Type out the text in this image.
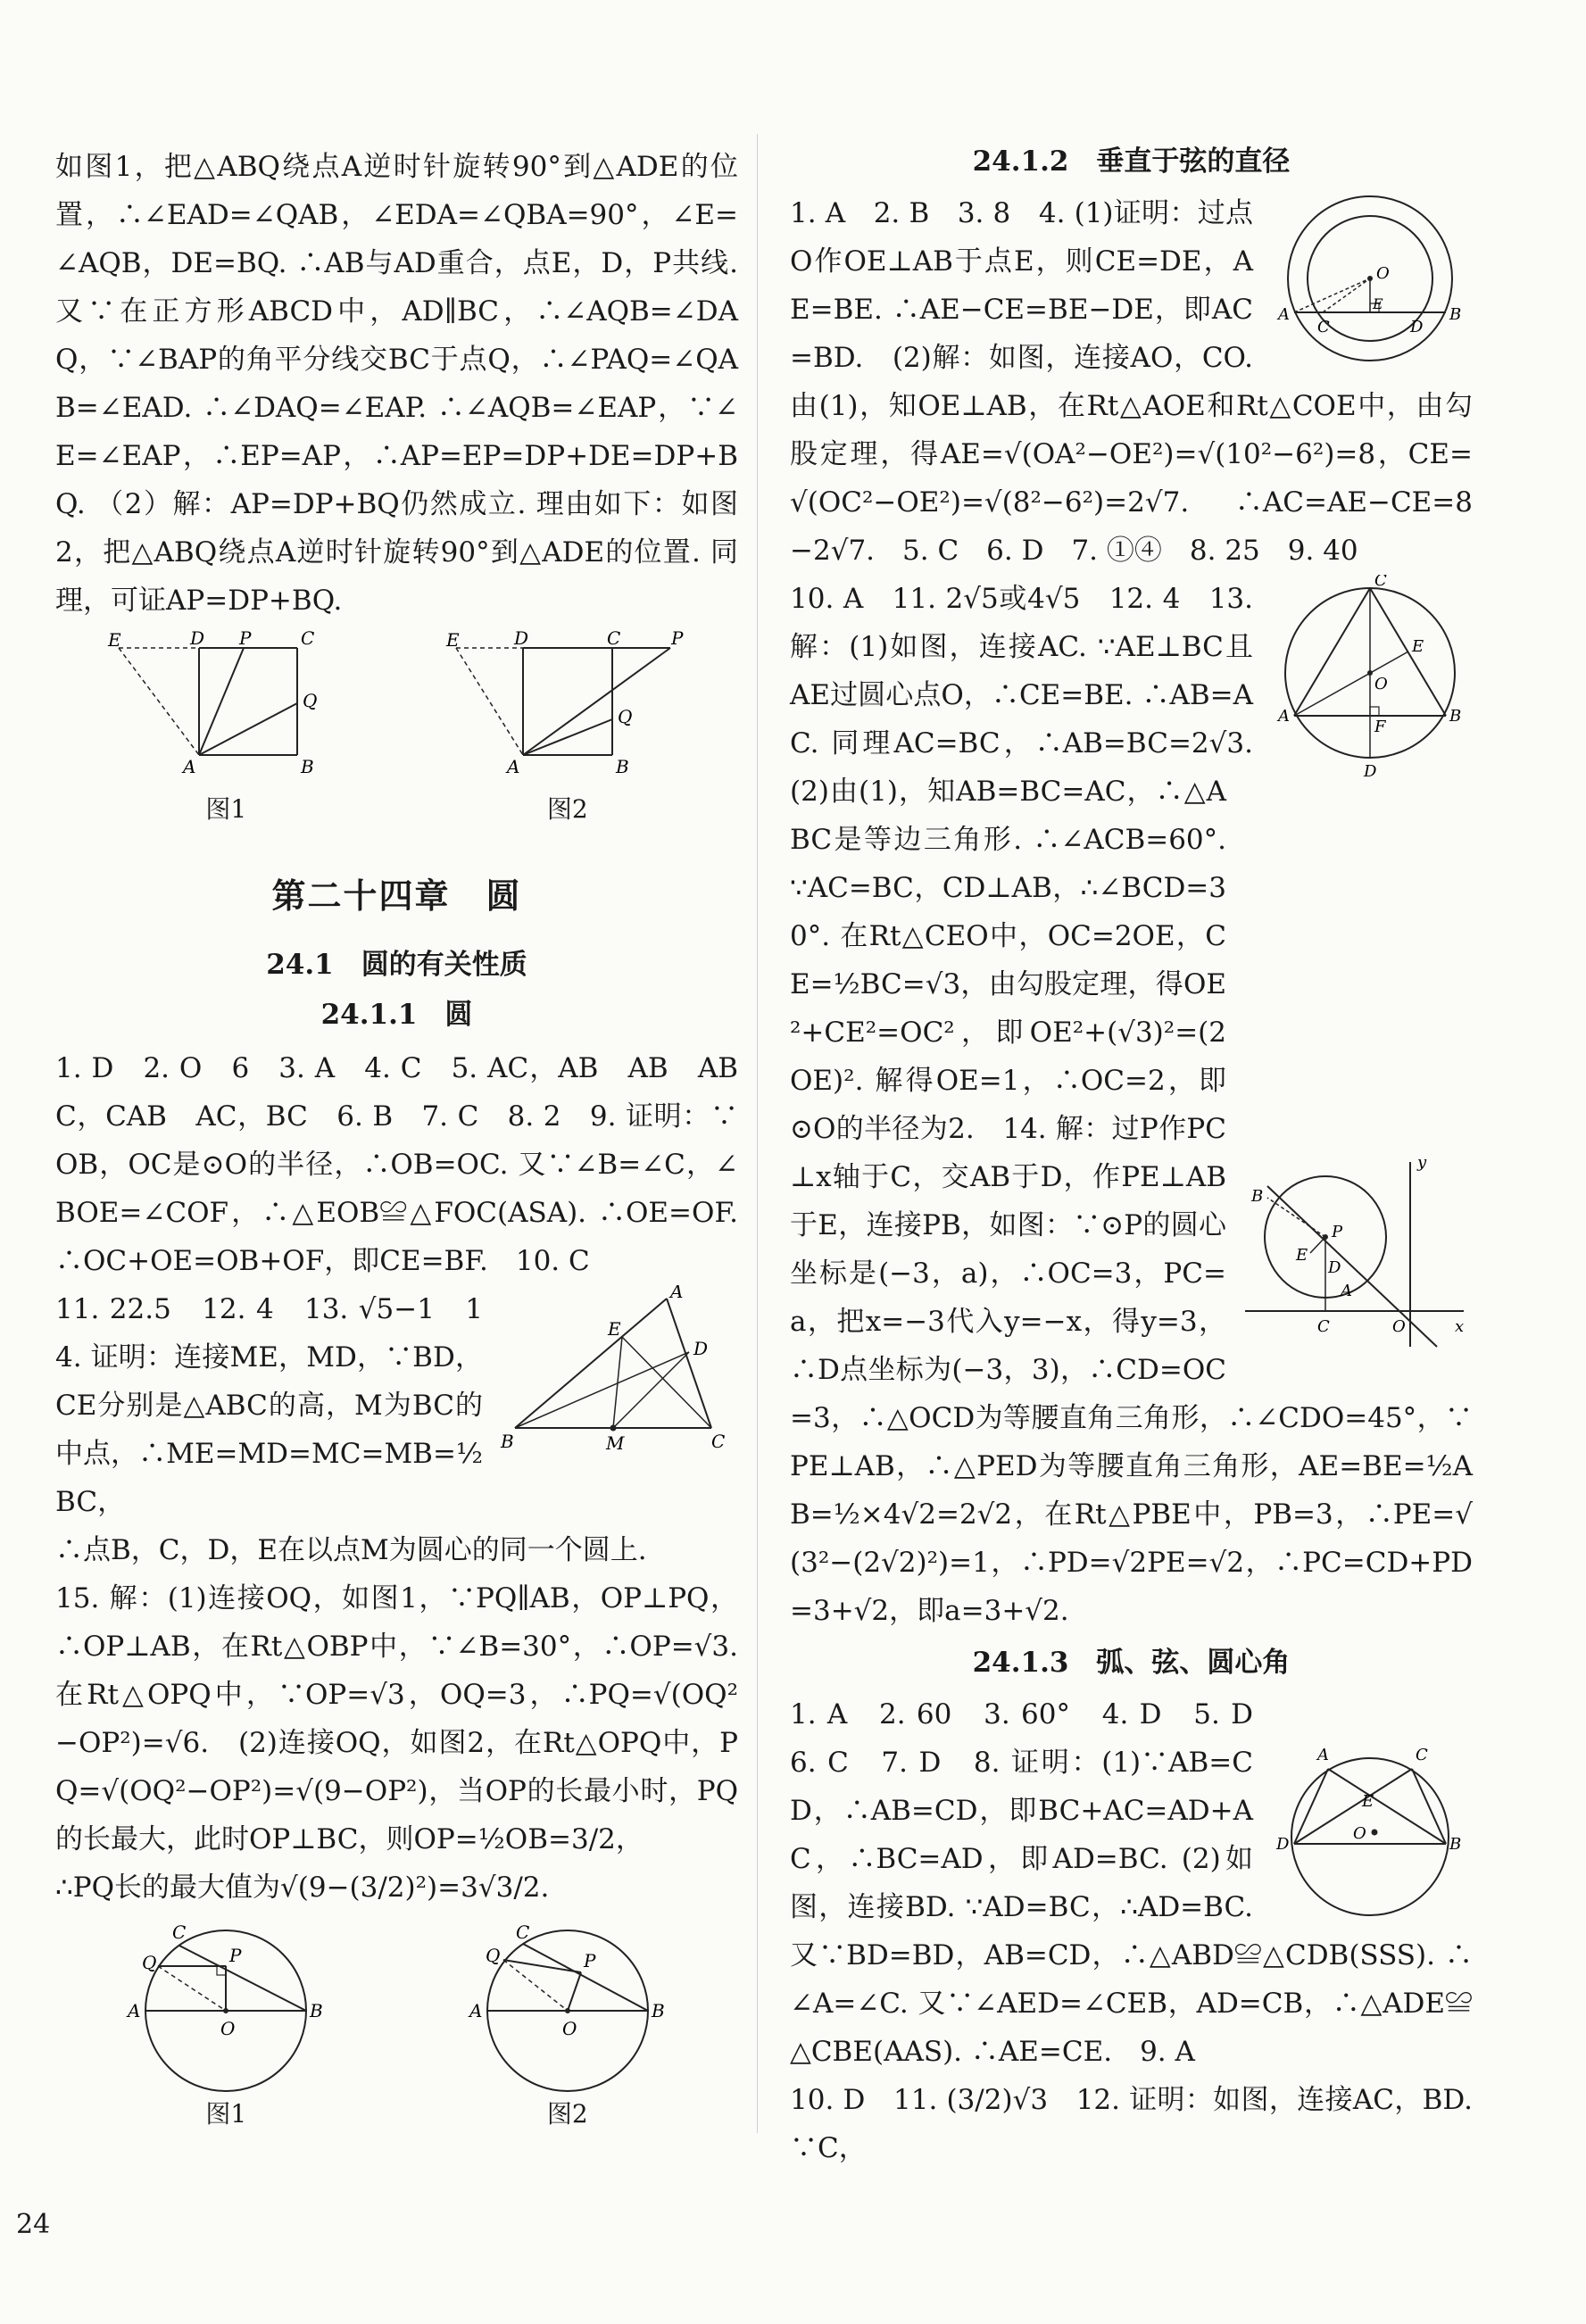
如图1，把△ABQ绕点A逆时针旋转90°到△ADE的位置，∴∠EAD=∠QAB，∠EDA=∠QBA=90°，∠E=∠AQB，DE=BQ. ∴AB与AD重合，点E，D，P共线. 又∵在正方形ABCD中，AD∥BC，∴∠AQB=∠DAQ，∵∠BAP的角平分线交BC于点Q，∴∠PAQ=∠QAB=∠EAD. ∴∠DAQ=∠EAP. ∴∠AQB=∠EAP，∵∠E=∠EAP，∴EP=AP，∴AP=EP=DP+DE=DP+BQ. （2）解：AP=DP+BQ仍然成立. 理由如下：如图2，把△ABQ绕点A逆时针旋转90°到△ADE的位置. 同理，可证AP=DP+BQ.

E	D P	C
Q
A	B
图1
E	D	C	P
Q
A	B
图2

第二十四章　圆

24.1　圆的有关性质

24.1.1　圆

1. D　2. O　6　3. A　4. C　5. AC，AB　AB　ABC，CAB　AC，BC　6. B　7. C　8. 2　9. 证明：∵OB，OC是⊙O的半径，∴OB=OC. 又∵∠B=∠C，∠BOE=∠COF，∴△EOB≌△FOC(ASA). ∴OE=OF. ∴OC+OE=OB+OF，即CE=BF.　10. C

A
E
D
B	M	C

11. 22.5　12. 4　13. √5−1　14. 证明：连接ME，MD，∵BD，CE分别是△ABC的高，M为BC的中点，∴ME=MD=MC=MB=½BC，

∴点B，C，D，E在以点M为圆心的同一个圆上.

15. 解：(1)连接OQ，如图1，∵PQ∥AB，OP⊥PQ，∴OP⊥AB，在Rt△OBP中，∵∠B=30°，∴OP=√3. 在Rt△OPQ中，∵OP=√3，OQ=3，∴PQ=√(OQ²−OP²)=√6.　(2)连接OQ，如图2，在Rt△OPQ中，PQ=√(OQ²−OP²)=√(9−OP²)，当OP的长最小时，PQ的长最大，此时OP⊥BC，则OP=½OB=3/2，

∴PQ长的最大值为√(9−(3/2)²)=3√3/2.

C
Q	P
A	B
O
图1
C
Q	P
A	B
O
图2

24.1.2　垂直于弦的直径

O
A
C
E
D
B

1. A　2. B　3. 8　4. (1)证明：过点O作OE⊥AB于点E，则CE=DE，AE=BE. ∴AE−CE=BE−DE，即AC=BD.　(2)解：如图，连接AO，CO. 由(1)，知OE⊥AB，在Rt△AOE和Rt△COE中，由勾股定理，得AE=√(OA²−OE²)=√(10²−6²)=8，CE=√(OC²−OE²)=√(8²−6²)=2√7. ∴AC=AE−CE=8−2√7.　5. C　6. D　7. ①④　8. 25　9. 40

C
E
O
A
F
B
D
y
x
B
P
E
D
A
C	O

10. A　11. 2√5或4√5　12. 4　13. 解：(1)如图，连接AC. ∵AE⊥BC且AE过圆心点O，∴CE=BE. ∴AB=AC. 同理AC=BC，∴AB=BC=2√3.　(2)由(1)，知AB=BC=AC，∴△ABC是等边三角形. ∴∠ACB=60°. ∵AC=BC，CD⊥AB，∴∠BCD=30°. 在Rt△CEO中，OC=2OE，CE=½BC=√3，由勾股定理，得OE²+CE²=OC²，即OE²+(√3)²=(2OE)². 解得OE=1，∴OC=2，即⊙O的半径为2.　14. 解：过P作PC⊥x轴于C，交AB于D，作PE⊥AB于E，连接PB，如图：∵⊙P的圆心坐标是(−3，a)，∴OC=3，PC=a，把x=−3代入y=−x，得y=3，∴D点坐标为(−3，3)，∴CD=OC=3，∴△OCD为等腰直角三角形，∴∠CDO=45°，∵PE⊥AB，∴△PED为等腰直角三角形，AE=BE=½AB=½×4√2=2√2，在Rt△PBE中，PB=3，∴PE=√(3²−(2√2)²)=1，∴PD=√2PE=√2，∴PC=CD+PD=3+√2，即a=3+√2.

24.1.3　弧、弦、圆心角

A	C
E
O
D	B

1. A　2. 60　3. 60°　4. D　5. D　6. C　7. D　8. 证明：(1)∵AB=CD，∴AB=CD，即BC+AC=AD+AC，∴BC=AD，即AD=BC. (2)如图，连接BD. ∵AD=BC，∴AD=BC. 又∵BD=BD，AB=CD，∴△ABD≌△CDB(SSS). ∴∠A=∠C. 又∵∠AED=∠CEB，AD=CB，∴△ADE≌△CBE(AAS). ∴AE=CE.　9. A

10. D　11. (3/2)√3　12. 证明：如图，连接AC，BD. ∵C，

24
